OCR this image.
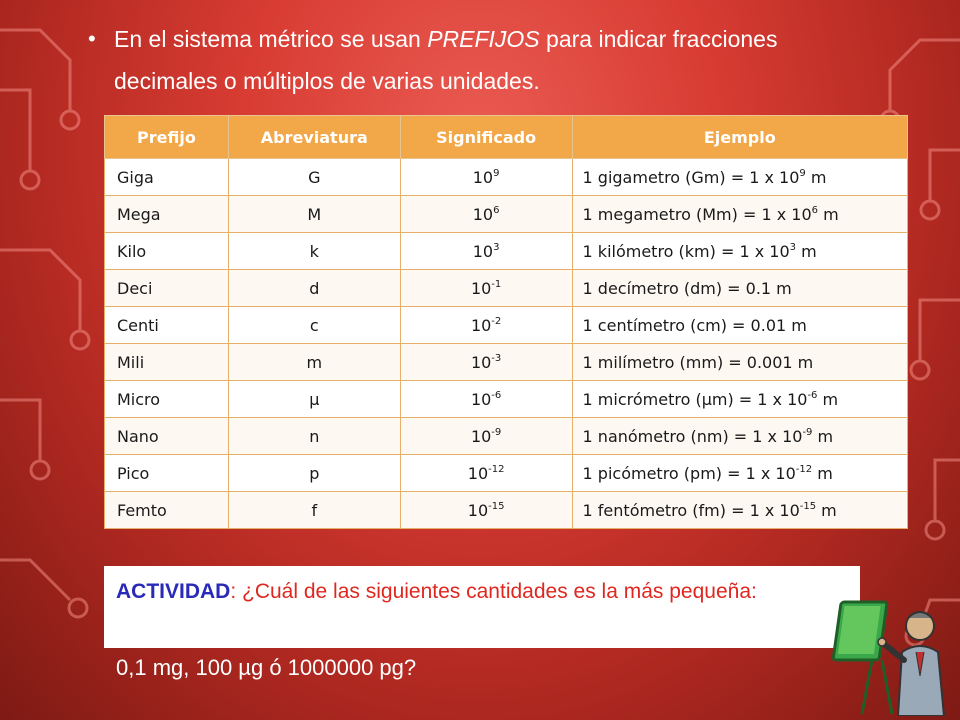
• En el sistema métrico se usan PREFIJOS para indicar fracciones
decimales o múltiplos de varias unidades.
Prefijo	Abreviatura	Significado	Ejemplo
Giga	G	$10^9$	1 gigametro (Gm) = 1 x $10^9$ m
Mega	M	$10^6$	1 megametro (Mm) = 1 x $10^6$ m
Kilo	k	$10^3$	1 kilómetro (km) = 1 x $10^3$ m
Deci	d	$10^{-1}$	1 decímetro (dm) = 0.1 m
Centi	c	$10^{-2}$	1 centímetro (cm) = 0.01 m
Mili	m	$10^{-3}$	1 milímetro (mm) = 0.001 m
Micro	µ	$10^{-6}$	1 micrómetro (µm) = 1 x $10^{-6}$ m
Nano	n	$10^{-9}$	1 nanómetro (nm) = 1 x $10^{-9}$ m
Pico	p	$10^{-12}$	1 picómetro (pm) = 1 x $10^{-12}$ m
Femto	f	$10^{-15}$	1 fentómetro (fm) = 1 x $10^{-15}$ m
ACTIVIDAD: ¿Cuál de las siguientes cantidades es la más pequeña:
0,1 mg, 100 µg ó 1000000 pg?
